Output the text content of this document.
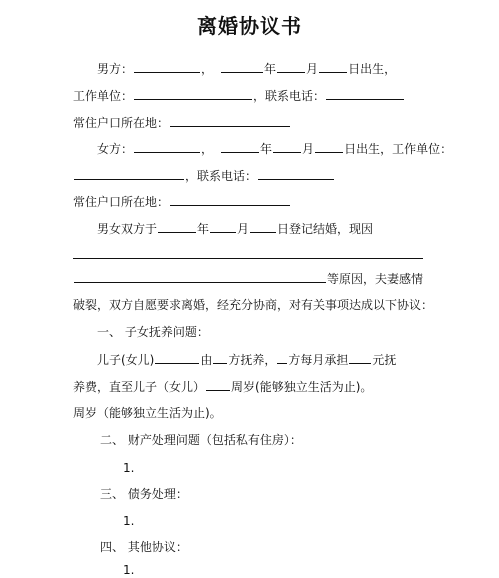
离婚协议书
男方：	，	年	月	日出生，
工作单位：	，联系电话：
常住户口所在地：
女方：	，	年	月	日出生，工作单位：
，联系电话：
常住户口所在地：
男女双方于	年 月 日登记结婚，现因
等原因，夫妻感情
破裂，双方自愿要求离婚，经充分协商，对有关事项达成以下协议：
一、 子女抚养问题：
儿子(女儿)	由 方抚养， 方每月承担 元抚
养费，直至儿子（女儿） 周岁(能够独立生活为止)。
周岁（能够独立生活为止)。
二、 财产处理问题（包括私有住房）：
1.
三、 债务处理：
1.
四、 其他协议：
1.
